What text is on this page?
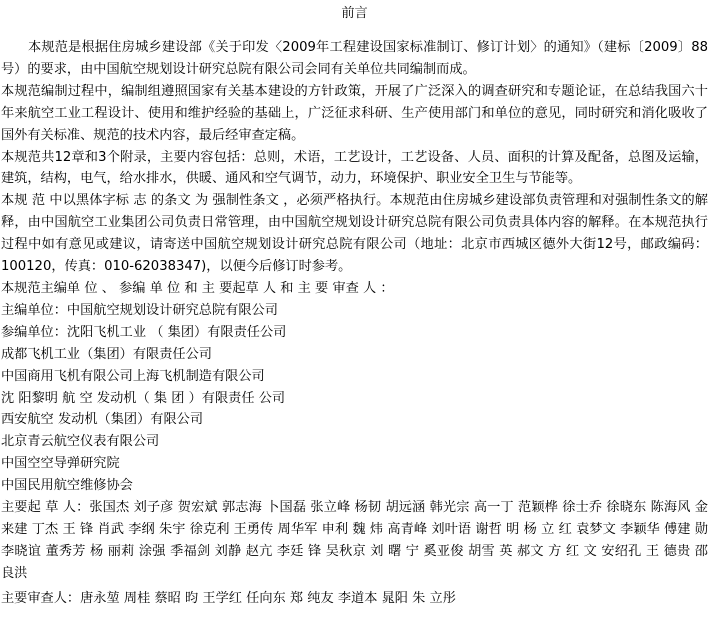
前言

本规范是根据住房城乡建设部《关于印发〈2009年工程建设国家标准制订、修订计划〉的通知》（建标〔2009〕88号）的要求，由中国航空规划设计研究总院有限公司会同有关单位共同编制而成。

本规范编制过程中，编制组遵照国家有关基本建设的方针政策，开展了广泛深入的调查研究和专题论证，在总结我国六十年来航空工业工程设计、使用和维护经验的基础上，广泛征求科研、生产使用部门和单位的意见，同时研究和消化吸收了国外有关标准、规范的技术内容，最后经审查定稿。

本规范共12章和3个附录，主要内容包括：总则，术语，工艺设计，工艺设备、人员、面积的计算及配备，总图及运输，建筑，结构，电气，给水排水，供暖、通风和空气调节，动力，环境保护、职业安全卫生与节能等。

本规 范 中以黑体字标 志 的条文 为 强制性条文 ，必须严格执行。本规范由住房城乡建设部负责管理和对强制性条文的解释，由中国航空工业集团公司负责日常管理，由中国航空规划设计研究总院有限公司负责具体内容的解释。在本规范执行过程中如有意见或建议，请寄送中国航空规划设计研究总院有限公司（地址：北京市西城区德外大街12号，邮政编码：100120，传真：010-62038347)，以便今后修订时参考。

本规范主编单 位 、 参编 单 位 和 主 要起草 人 和 主 要 审查 人 ：

主编单位：中国航空规划设计研究总院有限公司

参编单位：沈阳飞机工业 （ 集团）有限责任公司

成都飞机工业（集团）有限责任公司

中国商用飞机有限公司上海飞机制造有限公司

沈 阳黎明 航 空 发动机（ 集 团 ）有限责任 公司

西安航空 发动机（集团）有限公司

北京青云航空仪表有限公司

中国空空导弹研究院

中国民用航空维修协会

主要起 草 人：张国杰 刘子彦 贺宏斌 郭志海 卜国磊 张立峰 杨韧 胡远涵 韩光宗 高一丁 范颖桦 徐士乔 徐晓东 陈海风 金来建 丁杰 王 锋 肖武 李纲 朱宇 徐克利 王勇传 周华军 申利 魏 炜 高青峰 刘叶语 谢哲 明 杨 立 红 袁梦文 李颖华 傅建 勋 李晓谊 董秀芳 杨 丽莉 涂强 季福剑 刘静 赵亢 李廷 锋 吴秋京 刘 曙 宁 奚亚俊 胡雪 英 郝文 方 红 文 安绍孔 王 德贵 邵良洪

主要审查人：唐永堃 周桂 蔡昭 昀 王学红 任向东 郑 纯友 李道本 晁阳 朱 立彤
